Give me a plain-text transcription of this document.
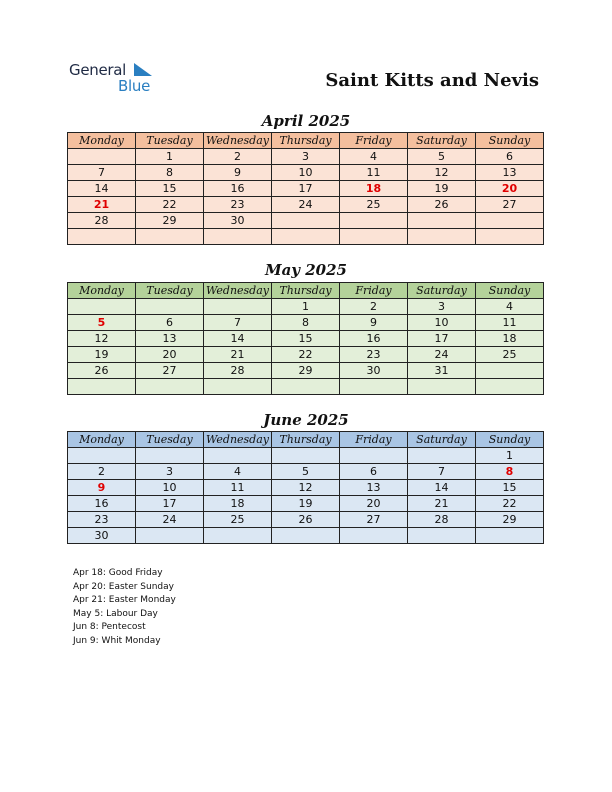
General
Blue	Saint Kitts and Nevis
April 2025
Monday	Tuesday	Wednesday	Thursday	Friday	Saturday	Sunday
	1	2	3	4	5	6
7	8	9	10	11	12	13
14	15	16	17	18	19	20
21	22	23	24	25	26	27
28	29	30				

May 2025
Monday	Tuesday	Wednesday	Thursday	Friday	Saturday	Sunday
			1	2	3	4
5	6	7	8	9	10	11
12	13	14	15	16	17	18
19	20	21	22	23	24	25
26	27	28	29	30	31	

June 2025
Monday	Tuesday	Wednesday	Thursday	Friday	Saturday	Sunday
						1
2	3	4	5	6	7	8
9	10	11	12	13	14	15
16	17	18	19	20	21	22
23	24	25	26	27	28	29
30						
Apr 18: Good Friday
Apr 20: Easter Sunday
Apr 21: Easter Monday
May 5: Labour Day
Jun 8: Pentecost
Jun 9: Whit Monday
